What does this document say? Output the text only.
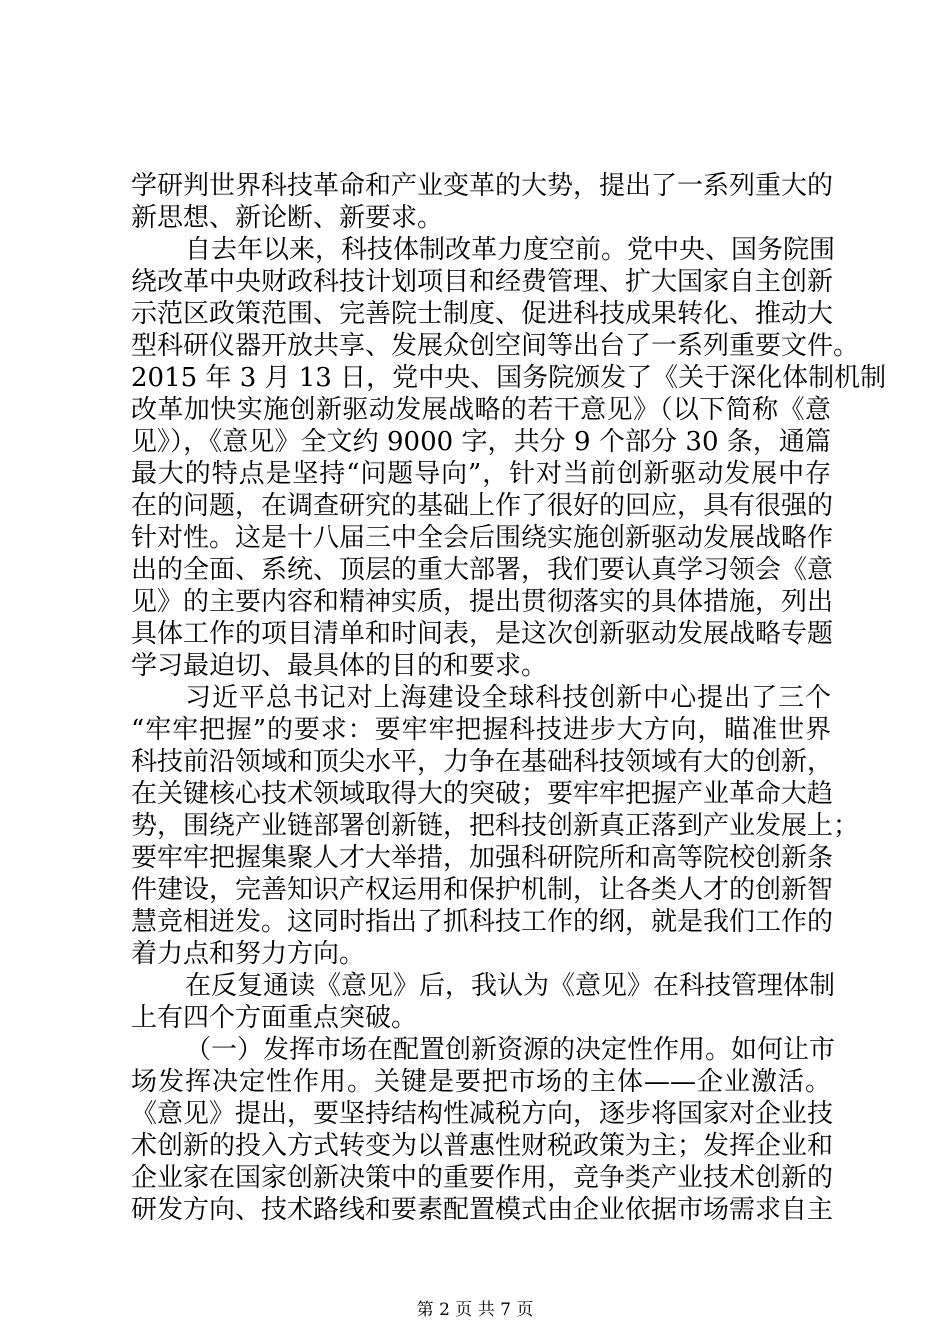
学研判世界科技革命和产业变革的大势，提出了一系列重大的
新思想、新论断、新要求。
自去年以来，科技体制改革力度空前。党中央、国务院围
绕改革中央财政科技计划项目和经费管理、扩大国家自主创新
示范区政策范围、完善院士制度、促进科技成果转化、推动大
型科研仪器开放共享、发展众创空间等出台了一系列重要文件。
2015 年 3 月 13 日，党中央、国务院颁发了《关于深化体制机制
改革加快实施创新驱动发展战略的若干意见》（以下简称《意
见》），《意见》全文约 9000 字，共分 9 个部分 30 条，通篇
最大的特点是坚持“问题导向”，针对当前创新驱动发展中存
在的问题，在调查研究的基础上作了很好的回应，具有很强的
针对性。这是十八届三中全会后围绕实施创新驱动发展战略作
出的全面、系统、顶层的重大部署，我们要认真学习领会《意
见》的主要内容和精神实质，提出贯彻落实的具体措施，列出
具体工作的项目清单和时间表，是这次创新驱动发展战略专题
学习最迫切、最具体的目的和要求。
习近平总书记对上海建设全球科技创新中心提出了三个
“牢牢把握”的要求：要牢牢把握科技进步大方向，瞄准世界
科技前沿领域和顶尖水平，力争在基础科技领域有大的创新，
在关键核心技术领域取得大的突破；要牢牢把握产业革命大趋
势，围绕产业链部署创新链，把科技创新真正落到产业发展上；
要牢牢把握集聚人才大举措，加强科研院所和高等院校创新条
件建设，完善知识产权运用和保护机制，让各类人才的创新智
慧竞相迸发。这同时指出了抓科技工作的纲，就是我们工作的
着力点和努力方向。
在反复通读《意见》后，我认为《意见》在科技管理体制
上有四个方面重点突破。
（一）发挥市场在配置创新资源的决定性作用。如何让市
场发挥决定性作用。关键是要把市场的主体——企业激活。
《意见》提出，要坚持结构性减税方向，逐步将国家对企业技
术创新的投入方式转变为以普惠性财税政策为主；发挥企业和
企业家在国家创新决策中的重要作用，竞争类产业技术创新的
研发方向、技术路线和要素配置模式由企业依据市场需求自主
第 2 页 共 7 页
